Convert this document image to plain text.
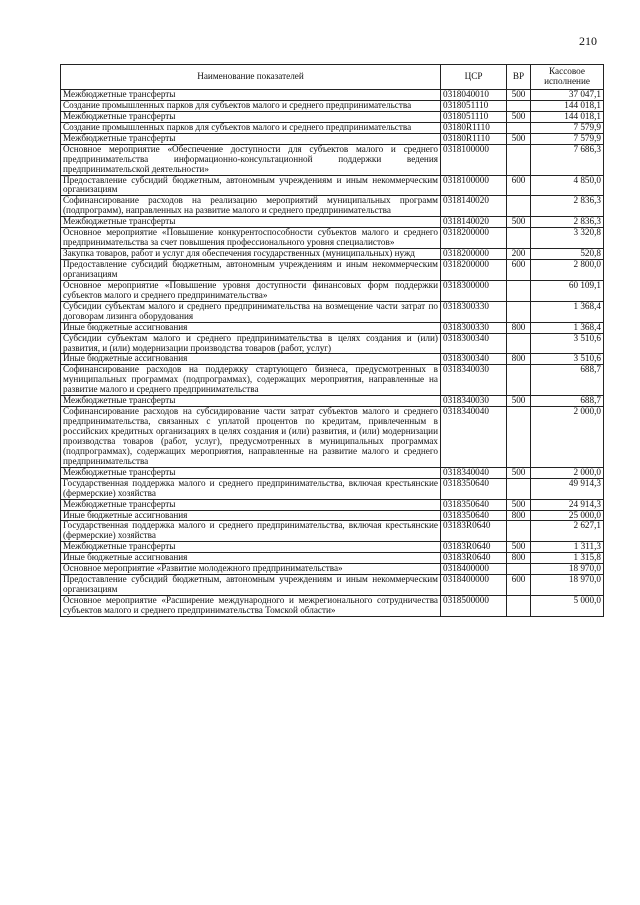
210
Наименование показателей	ЦСР	ВР	Кассовое исполнение
Межбюджетные трансферты	0318040010	500	37 047,1
Создание промышленных парков для субъектов малого и среднего предпринимательства	0318051110		144 018,1
Межбюджетные трансферты	0318051110	500	144 018,1
Создание промышленных парков для субъектов малого и среднего предпринимательства	03180R1110		7 579,9
Межбюджетные трансферты	03180R1110	500	7 579,9
Основное мероприятие «Обеспечение доступности для субъектов малого и среднего предпринимательства информационно-консультационной поддержки ведения предпринимательской деятельности»	0318100000		7 686,3
Предоставление субсидий бюджетным, автономным учреждениям и иным некоммерческим организациям	0318100000	600	4 850,0
Софинансирование расходов на реализацию мероприятий муниципальных программ (подпрограмм), направленных на развитие малого и среднего предпринимательства	0318140020		2 836,3
Межбюджетные трансферты	0318140020	500	2 836,3
Основное мероприятие «Повышение конкурентоспособности субъектов малого и среднего предпринимательства за счет повышения профессионального уровня специалистов»	0318200000		3 320,8
Закупка товаров, работ и услуг для обеспечения государственных (муниципальных) нужд	0318200000	200	520,8
Предоставление субсидий бюджетным, автономным учреждениям и иным некоммерческим организациям	0318200000	600	2 800,0
Основное мероприятие «Повышение уровня доступности финансовых форм поддержки субъектов малого и среднего предпринимательства»	0318300000		60 109,1
Субсидии субъектам малого и среднего предпринимательства на возмещение части затрат по договорам лизинга оборудования	0318300330		1 368,4
Иные бюджетные ассигнования	0318300330	800	1 368,4
Субсидии субъектам малого и среднего предпринимательства в целях создания и (или) развития, и (или) модернизации производства товаров (работ, услуг)	0318300340		3 510,6
Иные бюджетные ассигнования	0318300340	800	3 510,6
Софинансирование расходов на поддержку стартующего бизнеса, предусмотренных в муниципальных программах (подпрограммах), содержащих мероприятия, направленные на развитие малого и среднего предпринимательства	0318340030		688,7
Межбюджетные трансферты	0318340030	500	688,7
Софинансирование расходов на субсидирование части затрат субъектов малого и среднего предпринимательства, связанных с уплатой процентов по кредитам, привлеченным в российских кредитных организациях в целях создания и (или) развития, и (или) модернизации производства товаров (работ, услуг), предусмотренных в муниципальных программах (подпрограммах), содержащих мероприятия, направленные на развитие малого и среднего предпринимательства	0318340040		2 000,0
Межбюджетные трансферты	0318340040	500	2 000,0
Государственная поддержка малого и среднего предпринимательства, включая крестьянские (фермерские) хозяйства	0318350640		49 914,3
Межбюджетные трансферты	0318350640	500	24 914,3
Иные бюджетные ассигнования	0318350640	800	25 000,0
Государственная поддержка малого и среднего предпринимательства, включая крестьянские (фермерские) хозяйства	03183R0640		2 627,1
Межбюджетные трансферты	03183R0640	500	1 311,3
Иные бюджетные ассигнования	03183R0640	800	1 315,8
Основное мероприятие «Развитие молодежного предпринимательства»	0318400000		18 970,0
Предоставление субсидий бюджетным, автономным учреждениям и иным некоммерческим организациям	0318400000	600	18 970,0
Основное мероприятие «Расширение международного и межрегионального сотрудничества субъектов малого и среднего предпринимательства Томской области»	0318500000		5 000,0
